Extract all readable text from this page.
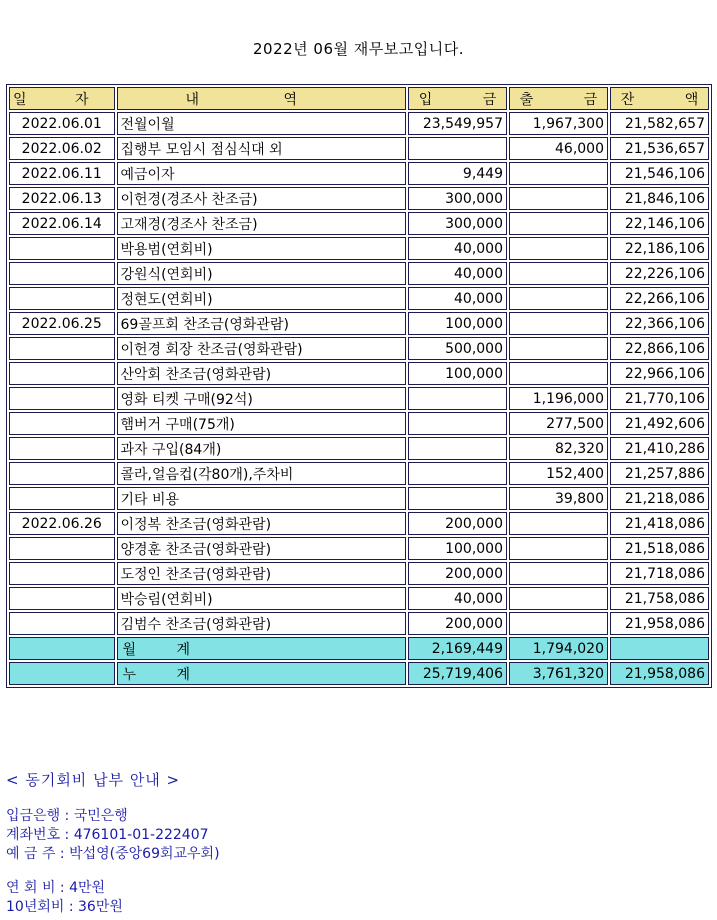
2022년 06월 재무보고입니다.
일 자	내 역	입 금	출 금	잔 액
2022.06.01	전월이월	23,549,957	1,967,300	21,582,657
2022.06.02	집행부 모임시 점심식대 외		46,000	21,536,657
2022.06.11	예금이자	9,449		21,546,106
2022.06.13	이헌경(경조사 찬조금)	300,000		21,846,106
2022.06.14	고재경(경조사 찬조금)	300,000		22,146,106
	박용범(연회비)	40,000		22,186,106
	강원식(연회비)	40,000		22,226,106
	정현도(연회비)	40,000		22,266,106
2022.06.25	69골프회 찬조금(영화관람)	100,000		22,366,106
	이헌경 회장 찬조금(영화관람)	500,000		22,866,106
	산악회 찬조금(영화관람)	100,000		22,966,106
	영화 티켓 구매(92석)		1,196,000	21,770,106
	햄버거 구매(75개)		277,500	21,492,606
	과자 구입(84개)		82,320	21,410,286
	콜라,얼음컵(각80개),주차비		152,400	21,257,886
	기타 비용		39,800	21,218,086
2022.06.26	이정복 찬조금(영화관람)	200,000		21,418,086
	양경훈 찬조금(영화관람)	100,000		21,518,086
	도정인 찬조금(영화관람)	200,000		21,718,086
	박승림(연회비)	40,000		21,758,086
	김범수 찬조금(영화관람)	200,000		21,958,086
	월 계	2,169,449	1,794,020	
	누 계	25,719,406	3,761,320	21,958,086
< 동기회비 납부 안내 >
입금은행 : 국민은행
계좌번호 : 476101-01-222407
예 금 주 : 박섭영(중앙69회교우회)
연 회 비 : 4만원
10년회비 : 36만원
